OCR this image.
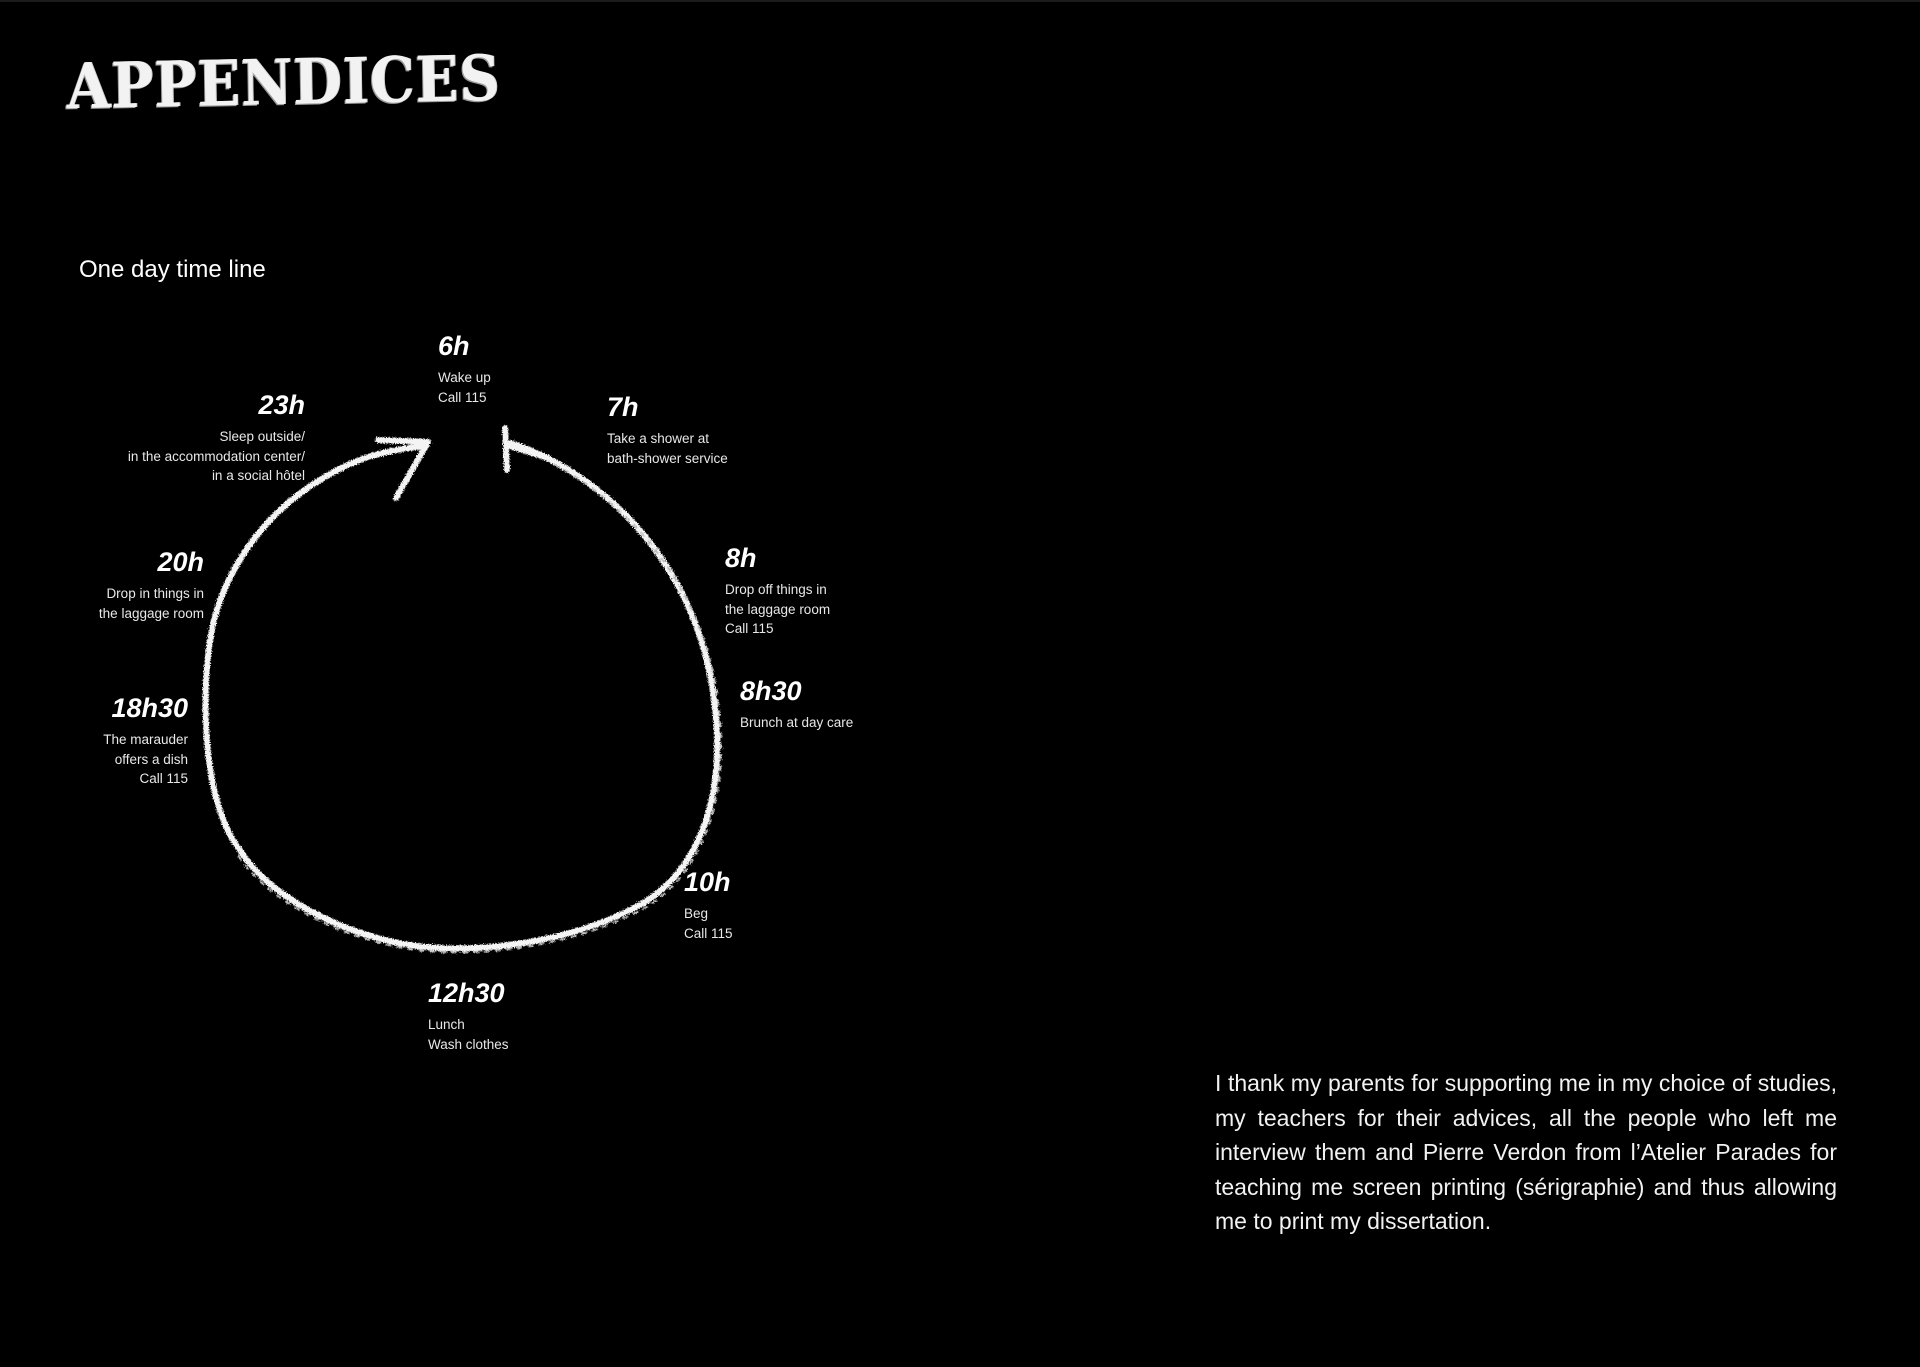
APPENDICES
One day time line
6h
Wake up
Call 115	7h
Take a shower at
bath-shower service
8h
Drop off things in
the laggage room
Call 115
8h30
Brunch at day care
10h
Beg
Call 115
12h30
Lunch
Wash clothes
18h30
The marauder
offers a dish
Call 115
20h
Drop in things in
the laggage room
23h
Sleep outside/
in the accommodation center/
in a social hôtel

I thank my parents for supporting me in my choice of studies, my teachers for their advices, all the people who left me interview them and Pierre Verdon from l’Atelier Parades for teaching me screen printing (sérigraphie) and thus allowing me to print my dissertation.
